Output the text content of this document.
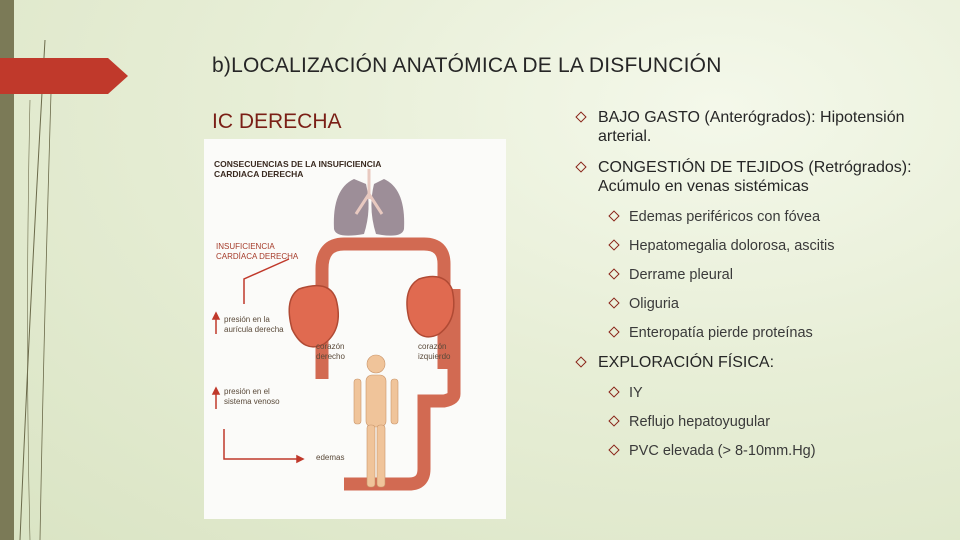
b)LOCALIZACIÓN ANATÓMICA DE LA DISFUNCIÓN
IC DERECHA
CONSECUENCIAS DE LA INSUFICIENCIA
CARDIACA DERECHA
INSUFICIENCIA
CARDÍACA DERECHA
presión en la
aurícula derecha
presión en el
sistema venoso
corazón
derecho
corazón
izquierdo
edemas
BAJO GASTO (Anterógrados): Hipotensión arterial.
CONGESTIÓN DE TEJIDOS (Retrógrados): Acúmulo en venas sistémicas
Edemas periféricos con fóvea
Hepatomegalia dolorosa, ascitis
Derrame pleural
Oliguria
Enteropatía pierde proteínas
EXPLORACIÓN FÍSICA:
IY
Reflujo hepatoyugular
PVC elevada (> 8-10mm.Hg)
